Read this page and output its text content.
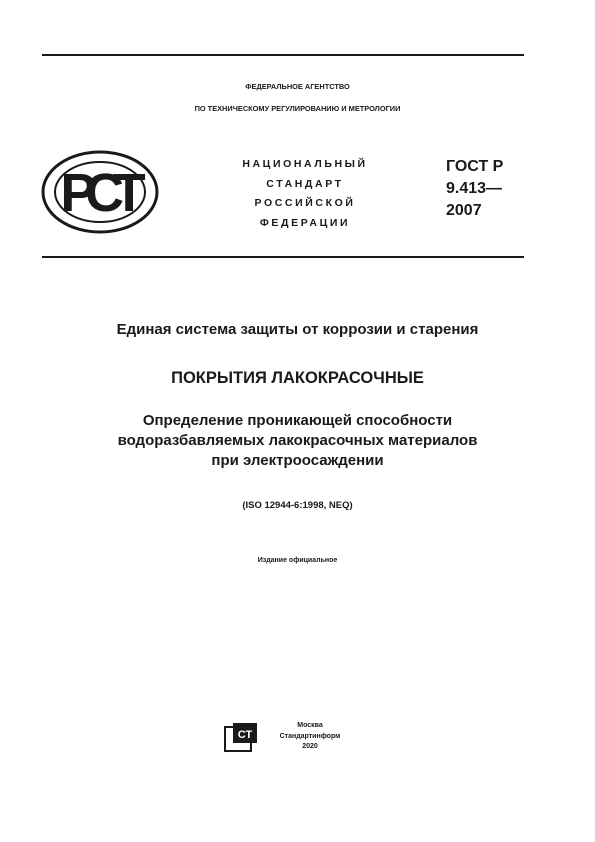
ФЕДЕРАЛЬНОЕ АГЕНТСТВО
ПО ТЕХНИЧЕСКОМУ РЕГУЛИРОВАНИЮ И МЕТРОЛОГИИ
РСТ	НАЦИОНАЛЬНЫЙ
СТАНДАРТ
РОССИЙСКОЙ
ФЕДЕРАЦИИ
ГОСТ Р
9.413—
2007
Единая система защиты от коррозии и старения
ПОКРЫТИЯ ЛАКОКРАСОЧНЫЕ
Определение проникающей способности
водоразбавляемых лакокрасочных материалов
при электроосаждении
(ISO 12944-6:1998, NEQ)
Издание официальное
СТ
Москва
Стандартинформ
2020
